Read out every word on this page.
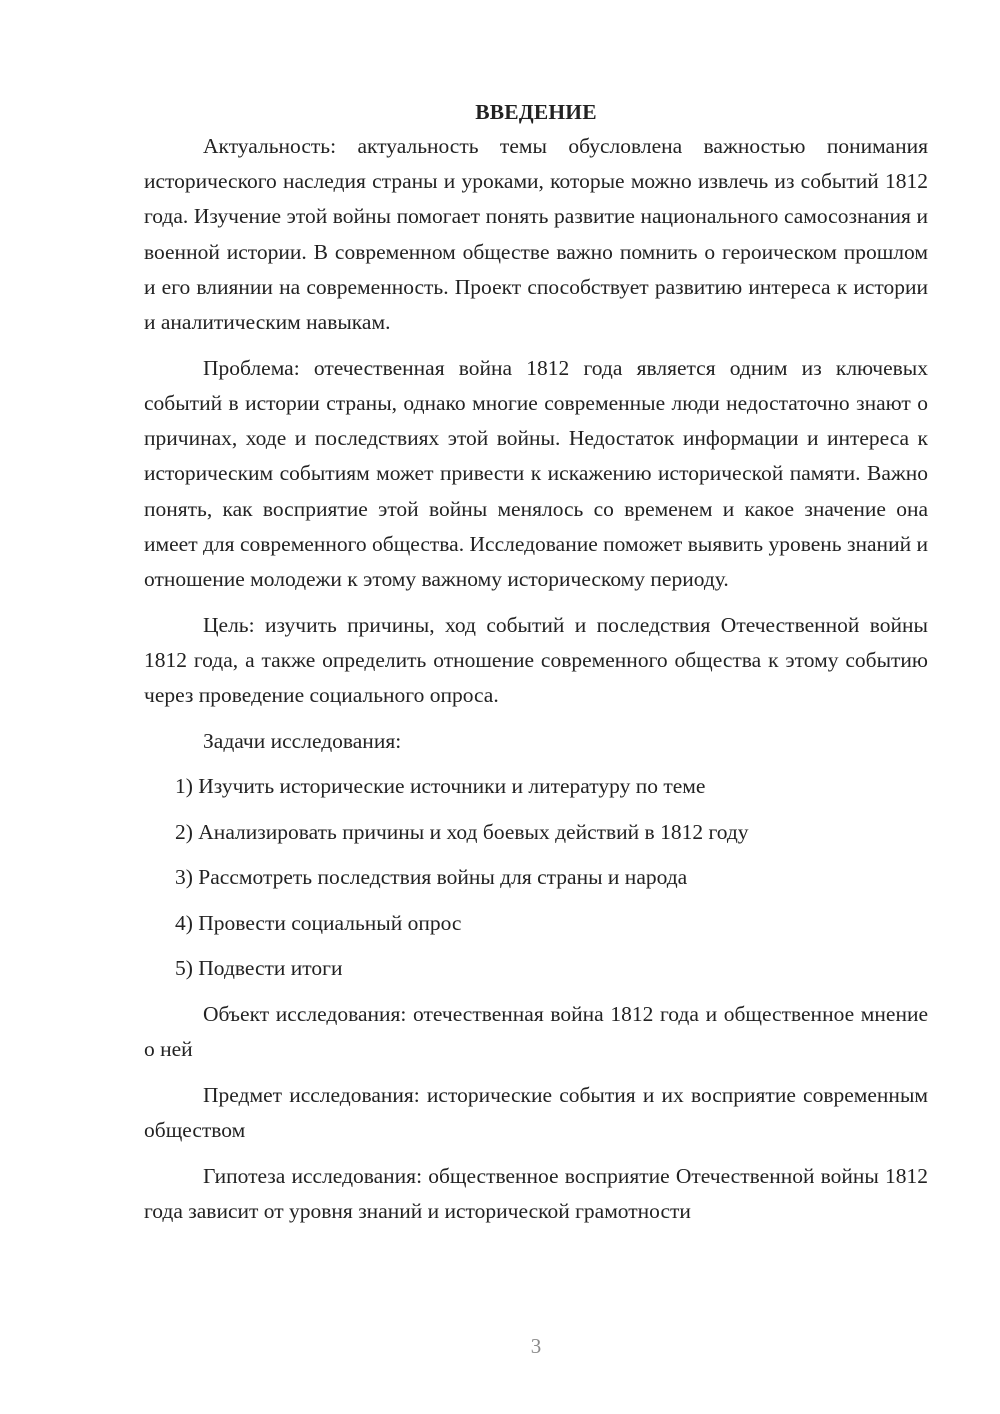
ВВЕДЕНИЕ

Актуальность: актуальность темы обусловлена важностью понимания исторического наследия страны и уроками, которые можно извлечь из событий 1812 года. Изучение этой войны помогает понять развитие национального самосознания и военной истории. В современном обществе важно помнить о героическом прошлом и его влиянии на современность. Проект способствует развитию интереса к истории и аналитическим навыкам.

Проблема: отечественная война 1812 года является одним из ключевых событий в истории страны, однако многие современные люди недостаточно знают о причинах, ходе и последствиях этой войны. Недостаток информации и интереса к историческим событиям может привести к искажению исторической памяти. Важно понять, как восприятие этой войны менялось со временем и какое значение она имеет для современного общества. Исследование поможет выявить уровень знаний и отношение молодежи к этому важному историческому периоду.

Цель: изучить причины, ход событий и последствия Отечественной войны 1812 года, а также определить отношение современного общества к этому событию через проведение социального опроса.

Задачи исследования:

1) Изучить исторические источники и литературу по теме
2) Анализировать причины и ход боевых действий в 1812 году
3) Рассмотреть последствия войны для страны и народа
4) Провести социальный опрос
5) Подвести итоги

Объект исследования: отечественная война 1812 года и общественное мнение о ней

Предмет исследования: исторические события и их восприятие современным обществом

Гипотеза исследования: общественное восприятие Отечественной войны 1812 года зависит от уровня знаний и исторической грамотности

3
